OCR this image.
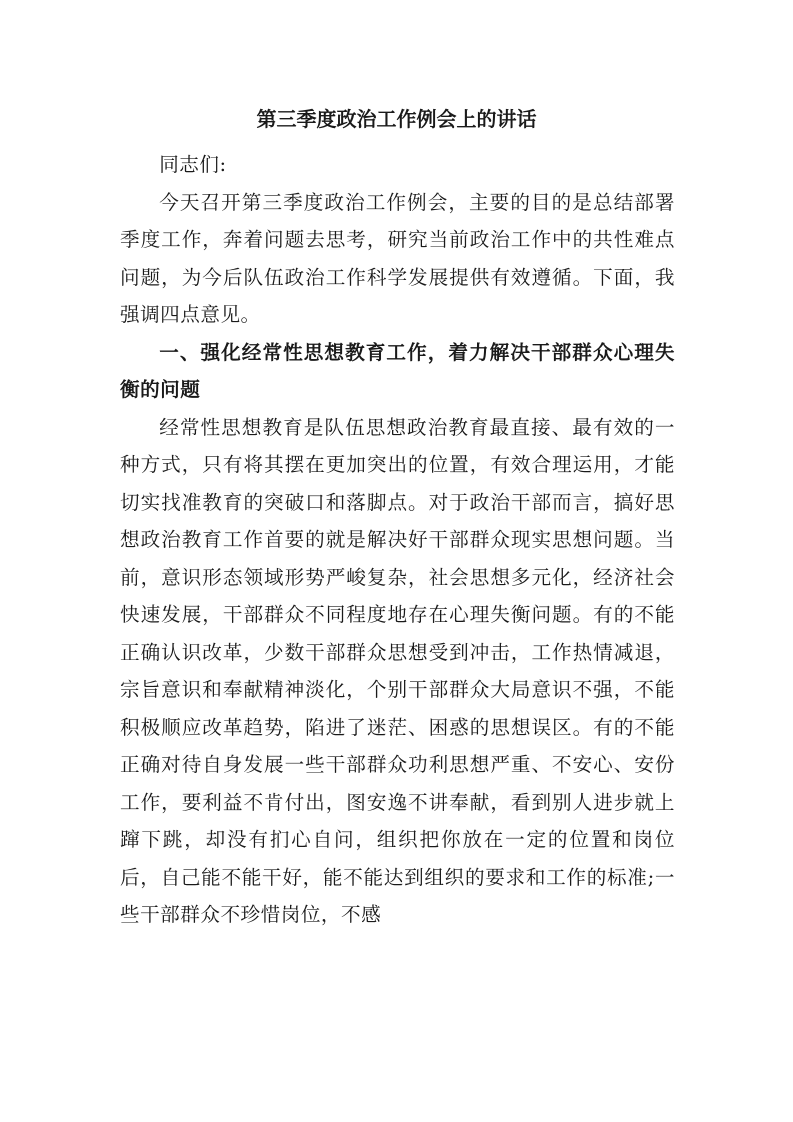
第三季度政治工作例会上的讲话

同志们:

今天召开第三季度政治工作例会，主要的目的是总结部署季度工作，奔着问题去思考，研究当前政治工作中的共性难点问题，为今后队伍政治工作科学发展提供有效遵循。下面，我强调四点意见。

一、强化经常性思想教育工作，着力解决干部群众心理失衡的问题

经常性思想教育是队伍思想政治教育最直接、最有效的一种方式，只有将其摆在更加突出的位置，有效合理运用，才能切实找准教育的突破口和落脚点。对于政治干部而言，搞好思想政治教育工作首要的就是解决好干部群众现实思想问题。当前，意识形态领域形势严峻复杂，社会思想多元化，经济社会快速发展，干部群众不同程度地存在心理失衡问题。有的不能正确认识改革，少数干部群众思想受到冲击，工作热情减退，宗旨意识和奉献精神淡化，个别干部群众大局意识不强，不能积极顺应改革趋势，陷进了迷茫、困惑的思想误区。有的不能正确对待自身发展一些干部群众功利思想严重、不安心、安份工作，要利益不肯付出，图安逸不讲奉献，看到别人进步就上蹿下跳，却没有扪心自问，组织把你放在一定的位置和岗位后，自己能不能干好，能不能达到组织的要求和工作的标准;一些干部群众不珍惜岗位，不感
